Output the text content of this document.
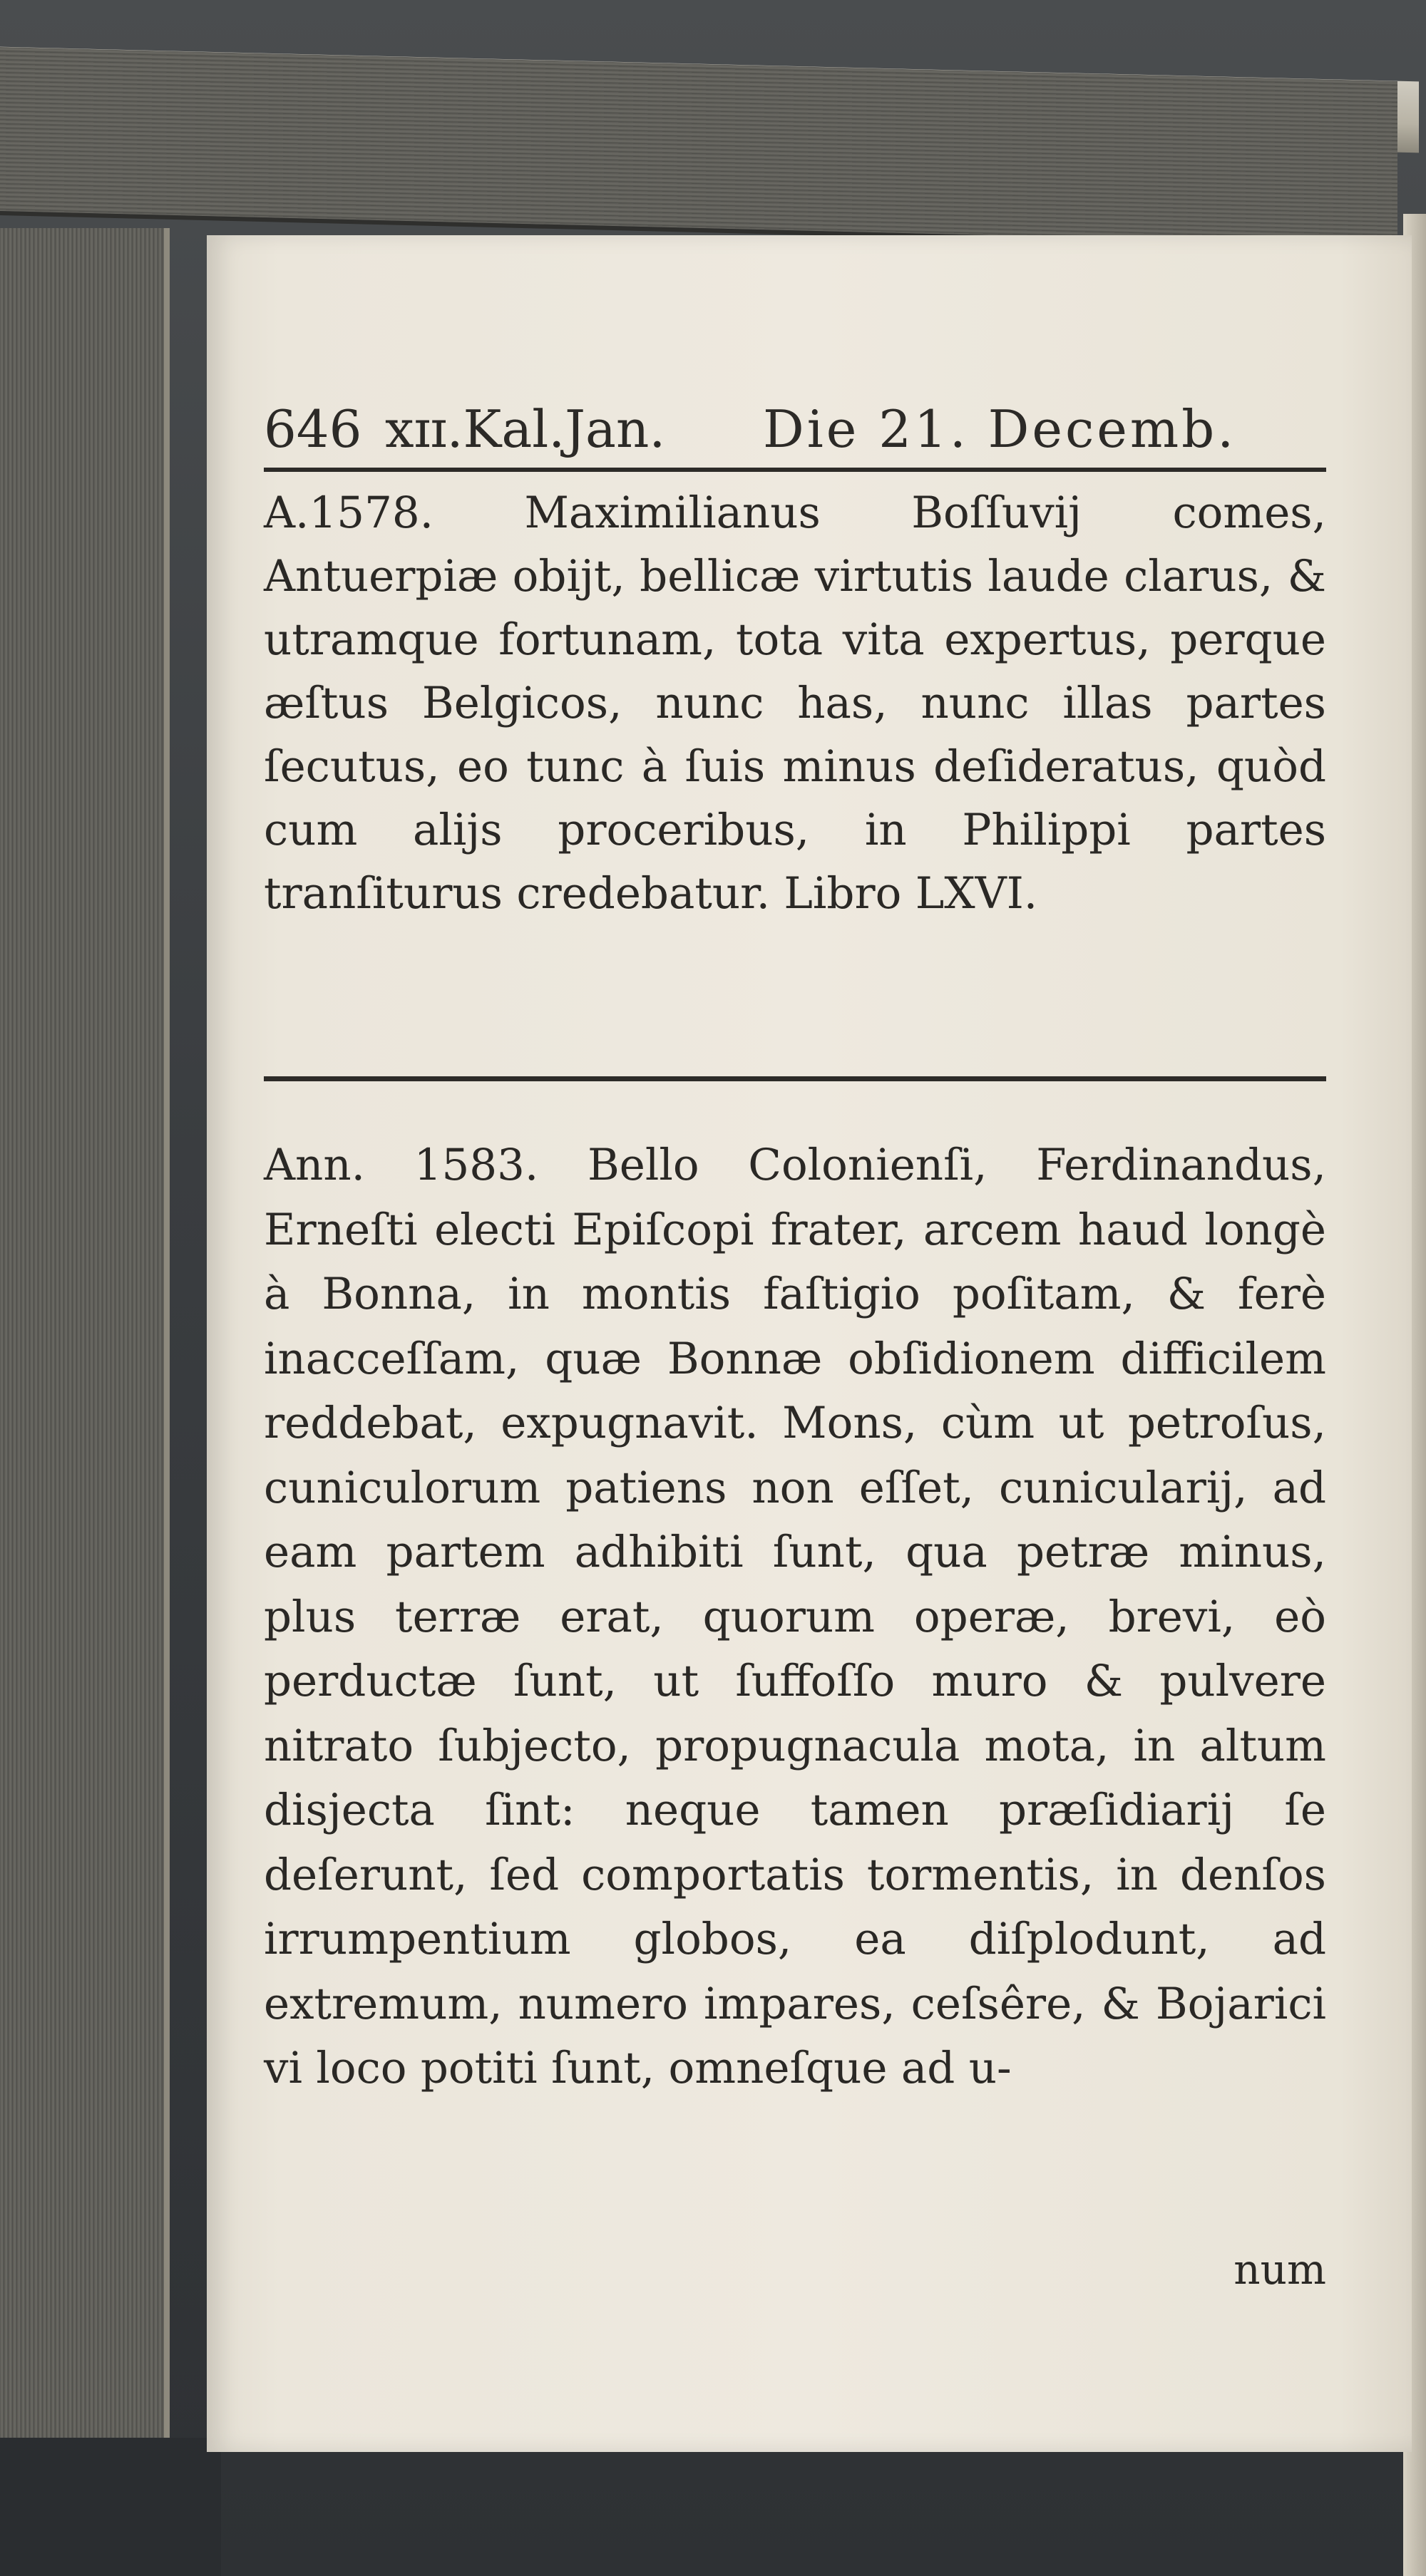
646 xɪɪ.Kal.Jan. Die 21. Decemb.
A.1578. Maximilianus Boſſuvij comes, Antuerpiæ obijt, bellicæ virtutis laude clarus, & utramque fortunam, tota vita expertus, perque æſtus Belgicos, nunc has, nunc illas partes ſecutus, eo tunc à ſuis minus deſideratus, quòd cum alijs proceribus, in Philippi partes tranſiturus credebatur. Libro LXVI.
Ann. 1583. Bello Colonienſi, Ferdinandus, Erneſti electi Epiſcopi frater, arcem haud longè à Bonna, in montis faſtigio poſitam, & ferè inacceſſam, quæ Bonnæ obſidionem difficilem reddebat, expugnavit. Mons, cùm ut petroſus, cuniculorum patiens non eſſet, cunicularij, ad eam partem adhibiti ſunt, qua petræ minus, plus terræ erat, quorum operæ, brevi, eò perductæ ſunt, ut ſuffoſſo muro & pulvere nitrato ſubjecto, propugnacula mota, in altum disjecta ſint: neque tamen præſidiarij ſe deſerunt, ſed comportatis tormentis, in denſos irrumpentium globos, ea diſplodunt, ad extremum, numero impares, ceſsêre, & Bojarici vi loco potiti ſunt, omneſque ad u-
num
